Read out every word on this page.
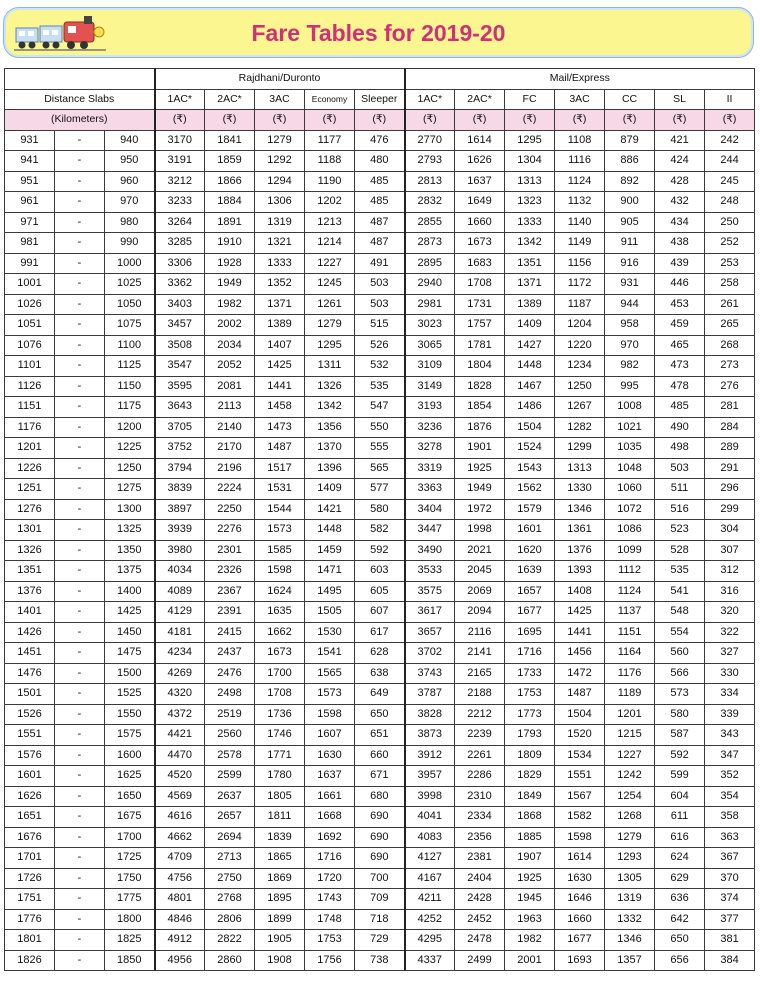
Fare Tables for 2019-20
			Rajdhani/Duronto					Mail/Express						
Distance Slabs			1AC*	2AC*	3AC	Economy	Sleeper	1AC*	2AC*	FC	3AC	CC	SL	II
(Kilometers)			(₹)	(₹)	(₹)	(₹)	(₹)	(₹)	(₹)	(₹)	(₹)	(₹)	(₹)	(₹)
931	-	940	3170	1841	1279	1177	476	2770	1614	1295	1108	879	421	242
941	-	950	3191	1859	1292	1188	480	2793	1626	1304	1116	886	424	244
951	-	960	3212	1866	1294	1190	485	2813	1637	1313	1124	892	428	245
961	-	970	3233	1884	1306	1202	485	2832	1649	1323	1132	900	432	248
971	-	980	3264	1891	1319	1213	487	2855	1660	1333	1140	905	434	250
981	-	990	3285	1910	1321	1214	487	2873	1673	1342	1149	911	438	252
991	-	1000	3306	1928	1333	1227	491	2895	1683	1351	1156	916	439	253
1001	-	1025	3362	1949	1352	1245	503	2940	1708	1371	1172	931	446	258
1026	-	1050	3403	1982	1371	1261	503	2981	1731	1389	1187	944	453	261
1051	-	1075	3457	2002	1389	1279	515	3023	1757	1409	1204	958	459	265
1076	-	1100	3508	2034	1407	1295	526	3065	1781	1427	1220	970	465	268
1101	-	1125	3547	2052	1425	1311	532	3109	1804	1448	1234	982	473	273
1126	-	1150	3595	2081	1441	1326	535	3149	1828	1467	1250	995	478	276
1151	-	1175	3643	2113	1458	1342	547	3193	1854	1486	1267	1008	485	281
1176	-	1200	3705	2140	1473	1356	550	3236	1876	1504	1282	1021	490	284
1201	-	1225	3752	2170	1487	1370	555	3278	1901	1524	1299	1035	498	289
1226	-	1250	3794	2196	1517	1396	565	3319	1925	1543	1313	1048	503	291
1251	-	1275	3839	2224	1531	1409	577	3363	1949	1562	1330	1060	511	296
1276	-	1300	3897	2250	1544	1421	580	3404	1972	1579	1346	1072	516	299
1301	-	1325	3939	2276	1573	1448	582	3447	1998	1601	1361	1086	523	304
1326	-	1350	3980	2301	1585	1459	592	3490	2021	1620	1376	1099	528	307
1351	-	1375	4034	2326	1598	1471	603	3533	2045	1639	1393	1112	535	312
1376	-	1400	4089	2367	1624	1495	605	3575	2069	1657	1408	1124	541	316
1401	-	1425	4129	2391	1635	1505	607	3617	2094	1677	1425	1137	548	320
1426	-	1450	4181	2415	1662	1530	617	3657	2116	1695	1441	1151	554	322
1451	-	1475	4234	2437	1673	1541	628	3702	2141	1716	1456	1164	560	327
1476	-	1500	4269	2476	1700	1565	638	3743	2165	1733	1472	1176	566	330
1501	-	1525	4320	2498	1708	1573	649	3787	2188	1753	1487	1189	573	334
1526	-	1550	4372	2519	1736	1598	650	3828	2212	1773	1504	1201	580	339
1551	-	1575	4421	2560	1746	1607	651	3873	2239	1793	1520	1215	587	343
1576	-	1600	4470	2578	1771	1630	660	3912	2261	1809	1534	1227	592	347
1601	-	1625	4520	2599	1780	1637	671	3957	2286	1829	1551	1242	599	352
1626	-	1650	4569	2637	1805	1661	680	3998	2310	1849	1567	1254	604	354
1651	-	1675	4616	2657	1811	1668	690	4041	2334	1868	1582	1268	611	358
1676	-	1700	4662	2694	1839	1692	690	4083	2356	1885	1598	1279	616	363
1701	-	1725	4709	2713	1865	1716	690	4127	2381	1907	1614	1293	624	367
1726	-	1750	4756	2750	1869	1720	700	4167	2404	1925	1630	1305	629	370
1751	-	1775	4801	2768	1895	1743	709	4211	2428	1945	1646	1319	636	374
1776	-	1800	4846	2806	1899	1748	718	4252	2452	1963	1660	1332	642	377
1801	-	1825	4912	2822	1905	1753	729	4295	2478	1982	1677	1346	650	381
1826	-	1850	4956	2860	1908	1756	738	4337	2499	2001	1693	1357	656	384
